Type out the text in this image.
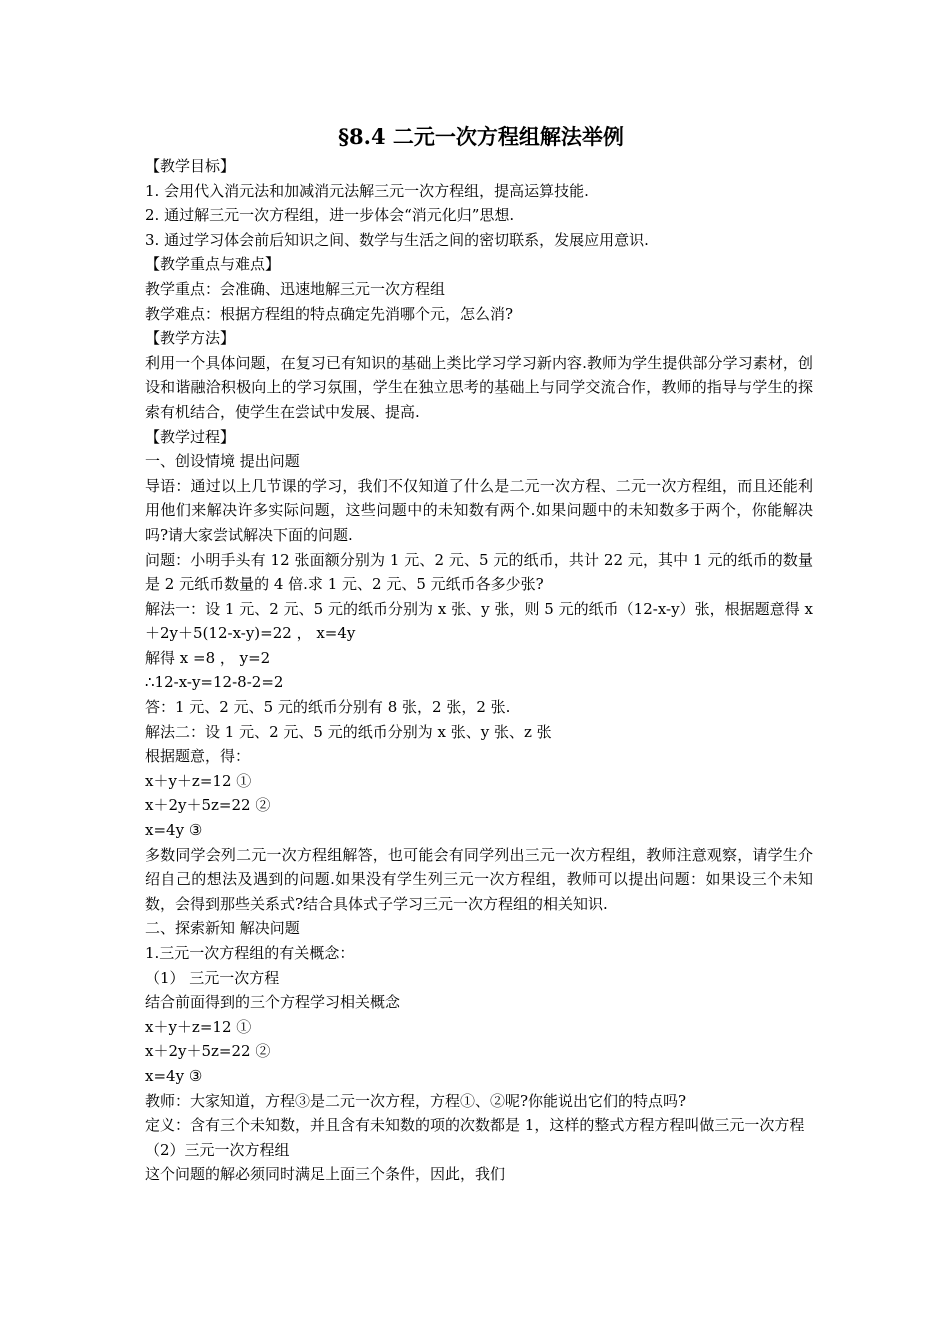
§8.4 二元一次方程组解法举例
【教学目标】
1. 会用代入消元法和加减消元法解三元一次方程组，提高运算技能.
2. 通过解三元一次方程组，进一步体会“消元化归”思想.
3. 通过学习体会前后知识之间、数学与生活之间的密切联系，发展应用意识.
【教学重点与难点】
教学重点：会准确、迅速地解三元一次方程组
教学难点：根据方程组的特点确定先消哪个元，怎么消?
【教学方法】
利用一个具体问题，在复习已有知识的基础上类比学习学习新内容.教师为学生提供部分学习素材，创设和谐融洽积极向上的学习氛围，学生在独立思考的基础上与同学交流合作，教师的指导与学生的探索有机结合，使学生在尝试中发展、提高.
【教学过程】
一、创设情境 提出问题
导语：通过以上几节课的学习，我们不仅知道了什么是二元一次方程、二元一次方程组，而且还能利用他们来解决许多实际问题，这些问题中的未知数有两个.如果问题中的未知数多于两个，你能解决吗?请大家尝试解决下面的问题.
问题：小明手头有 12 张面额分别为 1 元、2 元、5 元的纸币，共计 22 元，其中 1 元的纸币的数量是 2 元纸币数量的 4 倍.求 1 元、2 元、5 元纸币各多少张?
解法一：设 1 元、2 元、5 元的纸币分别为 x 张、y 张，则 5 元的纸币（12-x-y）张，根据题意得 x＋2y＋5(12-x-y)=22 ， x=4y
解得 x =8 ， y=2
∴12-x-y=12-8-2=2
答：1 元、2 元、5 元的纸币分别有 8 张，2 张，2 张.
解法二：设 1 元、2 元、5 元的纸币分别为 x 张、y 张、z 张
根据题意，得：
x＋y＋z=12 ①
x＋2y＋5z=22 ②
x=4y ③
多数同学会列二元一次方程组解答，也可能会有同学列出三元一次方程组，教师注意观察，请学生介绍自己的想法及遇到的问题.如果没有学生列三元一次方程组，教师可以提出问题：如果设三个未知数，会得到那些关系式?结合具体式子学习三元一次方程组的相关知识.
二、探索新知 解决问题
1.三元一次方程组的有关概念：
（1） 三元一次方程
结合前面得到的三个方程学习相关概念
x＋y＋z=12 ①
x＋2y＋5z=22 ②
x=4y ③
教师：大家知道，方程③是二元一次方程，方程①、②呢?你能说出它们的特点吗?
定义：含有三个未知数，并且含有未知数的项的次数都是 1，这样的整式方程方程叫做三元一次方程
（2）三元一次方程组
这个问题的解必须同时满足上面三个条件，因此，我们
